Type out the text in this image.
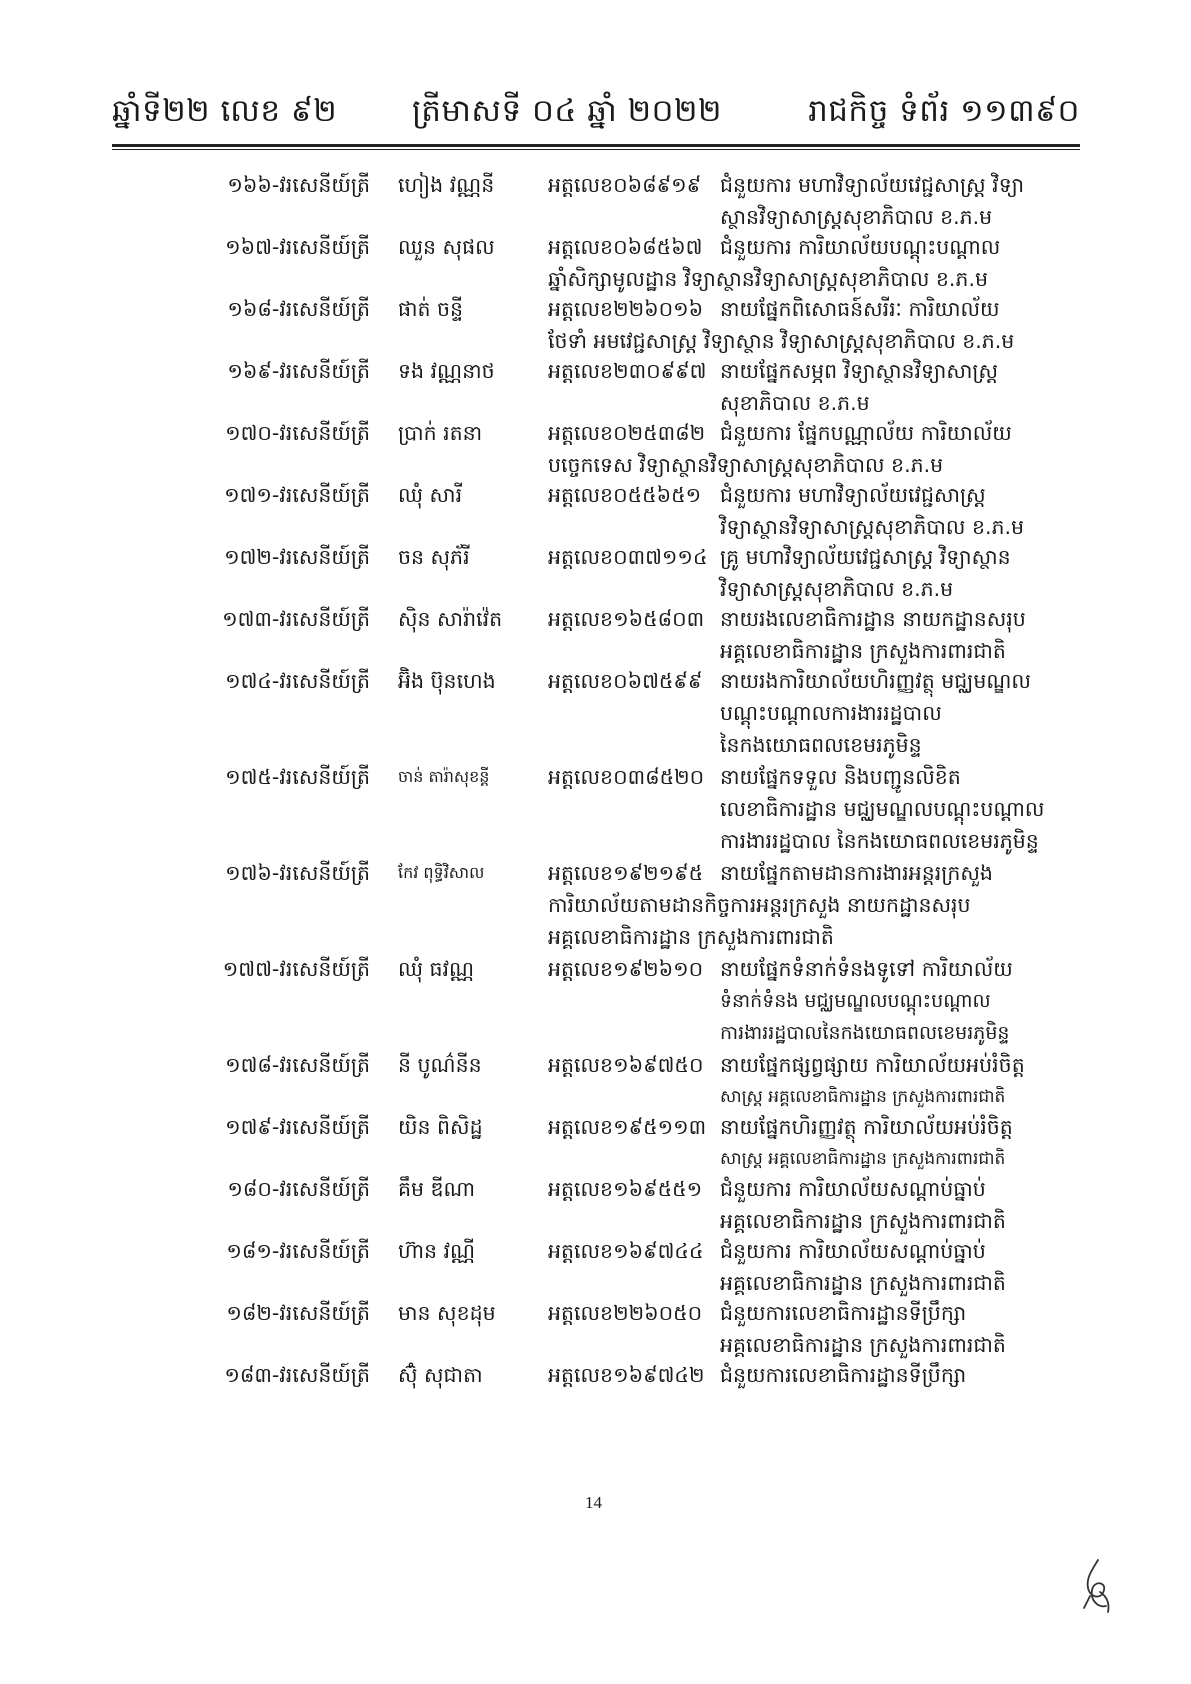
ឆ្នាំទី២២ លេខ ៩២ ត្រីមាសទី ០៤ ឆ្នាំ ២០២២	រាជកិច្ច ទំព័រ ១១៣៩០
១៦៦-វរសេនីយ៍ត្រី ហៀង វណ្ណនី	អត្តលេខ០៦៨៩១៩ ជំនួយការ មហាវិទ្យាល័យវេជ្ជសាស្ត្រ វិទ្យា
ស្ថានវិទ្យាសាស្ត្រសុខាភិបាល ខ.ភ.ម
១៦៧-វរសេនីយ៍ត្រី ឈួន សុផល	អត្តលេខ០៦៨៥៦៧ ជំនួយការ ការិយាល័យបណ្តុះបណ្តាល
ឆ្នាំសិក្សាមូលដ្ឋាន វិទ្យាស្ថានវិទ្យាសាស្ត្រសុខាភិបាល ខ.ភ.ម
១៦៨-វរសេនីយ៍ត្រី ផាត់ ចន្ទី	អត្តលេខ២២៦០១៦ នាយផ្នែកពិសោធន៍សរីរៈ ការិយាល័យ
ថែទាំ អមវេជ្ជសាស្ត្រ វិទ្យាស្ថាន វិទ្យាសាស្ត្រសុខាភិបាល ខ.ភ.ម
១៦៩-វរសេនីយ៍ត្រី ទង វណ្ណនាថ	អត្តលេខ២៣០៩៩៧ នាយផ្នែកសម្ភព វិទ្យាស្ថានវិទ្យាសាស្ត្រ
សុខាភិបាល ខ.ភ.ម
១៧០-វរសេនីយ៍ត្រី ប្រាក់ រតនា	អត្តលេខ០២៥៣៨២ ជំនួយការ ផ្នែកបណ្ណាល័យ ការិយាល័យ
បច្ចេកទេស វិទ្យាស្ថានវិទ្យាសាស្ត្រសុខាភិបាល ខ.ភ.ម
១៧១-វរសេនីយ៍ត្រី ឈុំ សារី	អត្តលេខ០៥៥៦៥១ ជំនួយការ មហាវិទ្យាល័យវេជ្ជសាស្ត្រ
វិទ្យាស្ថានវិទ្យាសាស្ត្រសុខាភិបាល ខ.ភ.ម
១៧២-វរសេនីយ៍ត្រី ចន សុភ័រី	អត្តលេខ០៣៧១១៤ គ្រូ មហាវិទ្យាល័យវេជ្ជសាស្ត្រ វិទ្យាស្ថាន
វិទ្យាសាស្ត្រសុខាភិបាល ខ.ភ.ម
១៧៣-វរសេនីយ៍ត្រី ស៊ិន សារ៉ាវ៉េត អត្តលេខ១៦៥៨០៣ នាយរងលេខាធិការដ្ឋាន នាយកដ្ឋានសរុប
អគ្គលេខាធិការដ្ឋាន ក្រសួងការពារជាតិ
១៧៤-វរសេនីយ៍ត្រី អ៊ិង ប៊ុនហេង	អត្តលេខ០៦៧៥៩៩ នាយរងការិយាល័យហិរញ្ញវត្ថុ មជ្ឈមណ្ឌល
បណ្តុះបណ្តាលការងាររដ្ឋបាល
នៃកងយោធពលខេមរភូមិន្ទ
១៧៥-វរសេនីយ៍ត្រី ចាន់ តារ៉ាសុខន្តី	អត្តលេខ០៣៨៥២០ នាយផ្នែកទទួល និងបញ្ជូនលិខិត
លេខាធិការដ្ឋាន មជ្ឈមណ្ឌលបណ្តុះបណ្តាល
ការងាររដ្ឋបាល នៃកងយោធពលខេមរភូមិន្ទ
១៧៦-វរសេនីយ៍ត្រី កែវ ពុទ្ធិវិសាល	អត្តលេខ១៩២១៩៥ នាយផ្នែកតាមដានការងារអន្តរក្រសួង
ការិយាល័យតាមដានកិច្ចការអន្តរក្រសួង នាយកដ្ឋានសរុប
អគ្គលេខាធិការដ្ឋាន ក្រសួងការពារជាតិ
១៧៧-វរសេនីយ៍ត្រី ឈុំ ធវណ្ណ	អត្តលេខ១៩២៦១០ នាយផ្នែកទំនាក់ទំនងទូទៅ ការិយាល័យ
ទំនាក់ទំនង មជ្ឈមណ្ឌលបណ្តុះបណ្តាល
ការងាររដ្ឋបាលនៃកងយោធពលខេមរភូមិន្ទ
១៧៨-វរសេនីយ៍ត្រី នី បូណ៌នីន	អត្តលេខ១៦៩៧៥០ នាយផ្នែកផ្សព្វផ្សាយ ការិយាល័យអប់រំចិត្ត
សាស្ត្រ អគ្គលេខាធិការដ្ឋាន ក្រសួងការពារជាតិ
១៧៩-វរសេនីយ៍ត្រី យិន ពិសិដ្ឋ	អត្តលេខ១៩៥១១៣ នាយផ្នែកហិរញ្ញវត្ថុ ការិយាល័យអប់រំចិត្ត
សាស្ត្រ អគ្គលេខាធិការដ្ឋាន ក្រសួងការពារជាតិ
១៨០-វរសេនីយ៍ត្រី គឹម ឌីណា	អត្តលេខ១៦៩៥៥១ ជំនួយការ ការិយាល័យសណ្តាប់ធ្នាប់
អគ្គលេខាធិការដ្ឋាន ក្រសួងការពារជាតិ
១៨១-វរសេនីយ៍ត្រី ហ៊ាន វណ្ណី	អត្តលេខ១៦៩៧៤៤ ជំនួយការ ការិយាល័យសណ្តាប់ធ្នាប់
អគ្គលេខាធិការដ្ឋាន ក្រសួងការពារជាតិ
១៨២-វរសេនីយ៍ត្រី មាន សុខដុម	អត្តលេខ២២៦០៥០ ជំនួយការលេខាធិការដ្ឋានទីប្រឹក្សា
អគ្គលេខាធិការដ្ឋាន ក្រសួងការពារជាតិ
១៨៣-វរសេនីយ៍ត្រី ស៊ុំ សុជាតា	អត្តលេខ១៦៩៧៤២ ជំនួយការលេខាធិការដ្ឋានទីប្រឹក្សា
14
